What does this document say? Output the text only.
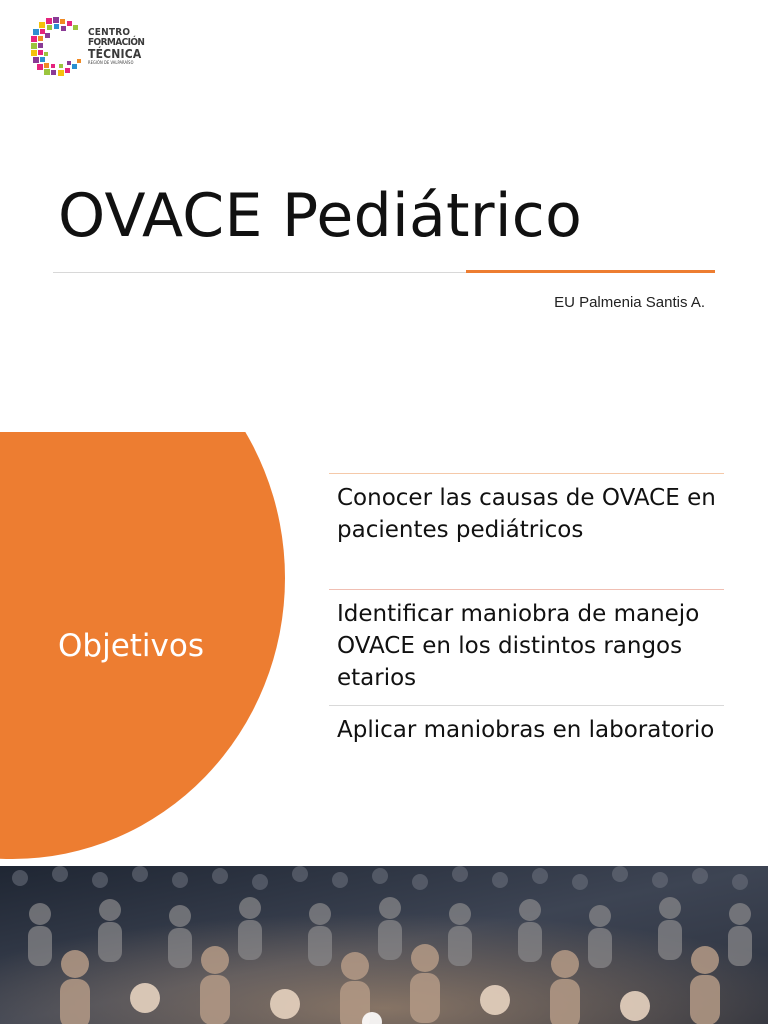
CENTRO
FORMACIÓN
TÉCNICA
REGIÓN DE VALPARAÍSO
OVACE Pediátrico
EU Palmenia Santis A.
Objetivos
Conocer las causas de OVACE en pacientes pediátricos
Identificar maniobra de manejo OVACE en los distintos rangos etarios
Aplicar maniobras en laboratorio
